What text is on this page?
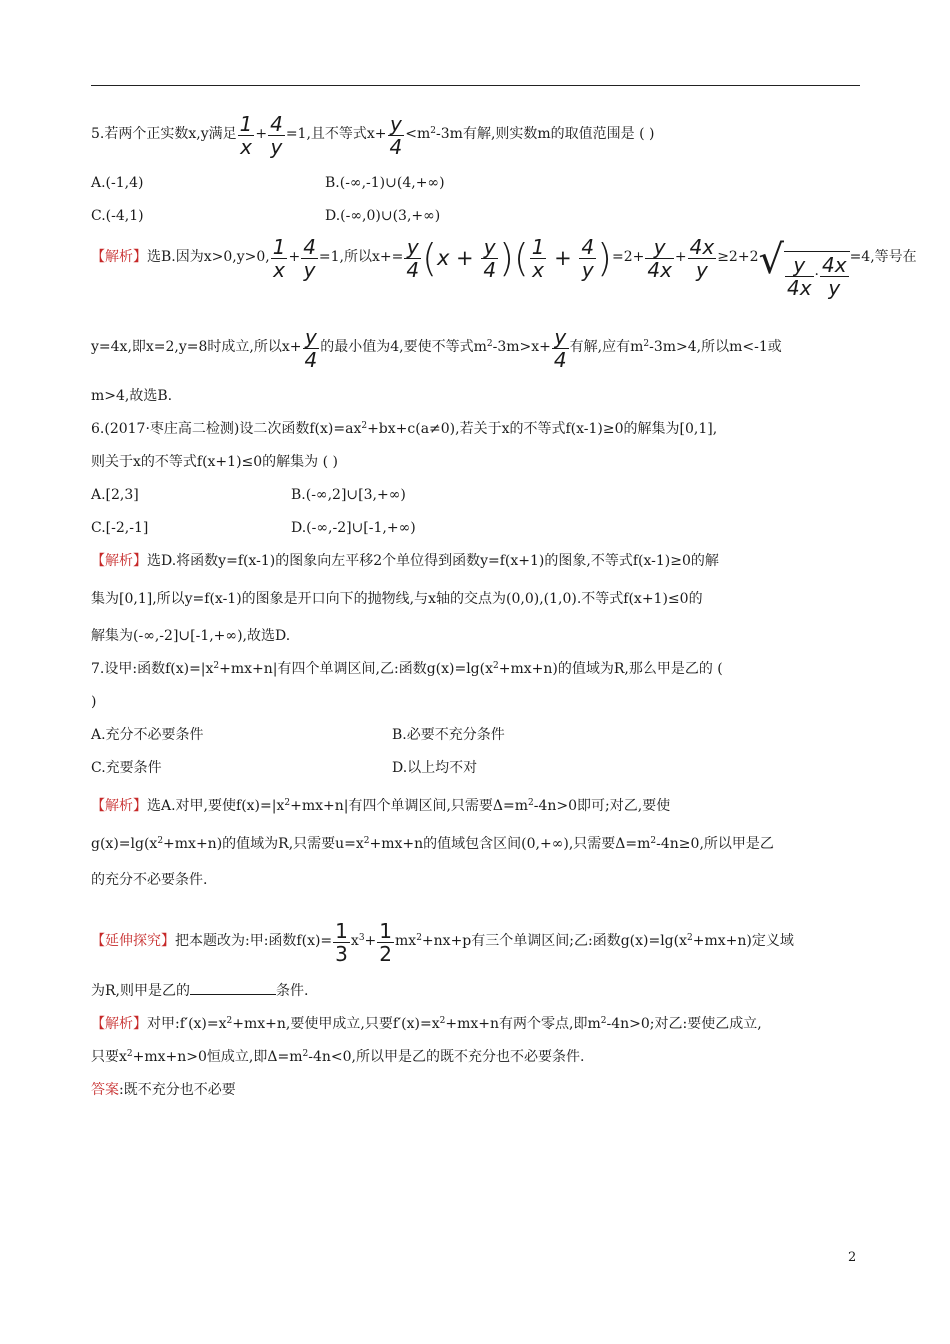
5.若两个正实数x,y满足 $\frac{1}{x} + \frac{4}{y} =1$,且不等式$x+ \frac{y}{4} <m^2-3m$有解,则实数m的取值范围是 ( )
A.(-1,4)	B.(-∞,-1)∪(4,+∞)
C.(-4,1)	D.(-∞,0)∪(3,+∞)
【解析】选B.因为x>0,y>0, $\frac{1}{x} + \frac{4}{y} =1$,所以$x+= \frac{y}{4} (x + \frac{y}{4}$ )( $\frac{1}{x} + \frac{4}{y} )=2+ \frac{y}{4x} + \frac{4x}{y} \ge 2+2√ \frac{y}{4x} \cdot \frac{4x}{y} =4$,等号在
y=4x,即x=2,y=8时成立,所以$x+ \frac{y}{4}$ 的最小值为4,要使不等式$m^2-3m>x+ \frac{y}{4}$ 有解,应有$m^2-3m>4$,所以m<-1或
m>4,故选B.
6.(2017·枣庄高二检测)设二次函数$f(x)=ax^2+bx+c(a\ne 0)$,若关于x的不等式f(x-1)≥0的解集为[0,1],
则关于x的不等式f(x+1)≤0的解集为 ( )
A.[2,3]	B.(-∞,2]∪[3,+∞)
C.[-2,-1]	D.(-∞,-2]∪[-1,+∞)
【解析】选D.将函数y=f(x-1)的图象向左平移2个单位得到函数y=f(x+1)的图象,不等式f(x-1)≥0的解
集为[0,1],所以y=f(x-1)的图象是开口向下的抛物线,与x轴的交点为(0,0),(1,0).不等式f(x+1)≤0的
解集为(-∞,-2]∪[-1,+∞),故选D.
7.设甲:函数$f(x)=|x^2+mx+n|$有四个单调区间,乙:函数$g(x)=\lg(x^2+mx+n)$的值域为R,那么甲是乙的 (
)
A.充分不必要条件	B.必要不充分条件
C.充要条件	D.以上均不对
【解析】选A.对甲,要使$f(x)=|x^2+mx+n|$有四个单调区间,只需要$\Delta=m^2-4n>0$即可;对乙,要使
$g(x)=\lg(x^2+mx+n)$的值域为R,只需要$u=x^2+mx+n$的值域包含区间(0,+∞),只需要$\Delta=m^2-4n\ge 0$,所以甲是乙
的充分不必要条件.
【延伸探究】把本题改为:甲:函数$f(x)= \frac{1}{3} x^3+ \frac{1}{2} mx^2+nx+p$有三个单调区间;乙:函数$g(x)=\lg(x^2+mx+n)$定义域
为R,则甲是乙的	条件.
【解析】对甲$:f'(x)=x^2+mx+n$,要使甲成立,只要$f'(x)=x^2+mx+n$有两个零点,即$m^2-4n>0$;对乙:要使乙成立,
只要$x^2+mx+n>0$恒成立,即$\Delta=m^2-4n<0$,所以甲是乙的既不充分也不必要条件.
答案:既不充分也不必要
2
